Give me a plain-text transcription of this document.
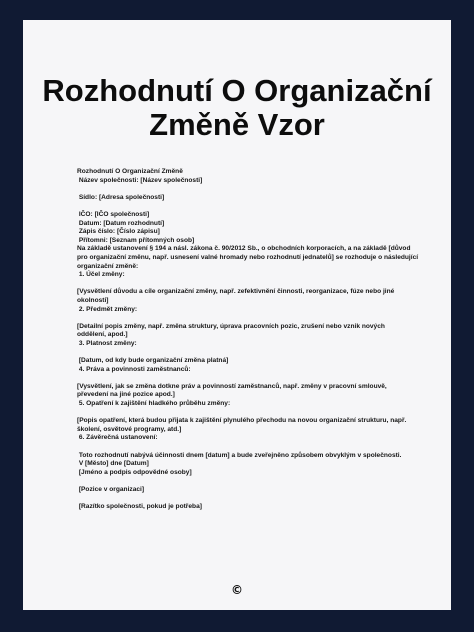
Rozhodnutí O Organizační
Změně Vzor
Rozhodnutí O Organizační Změně
Název společnosti: [Název společnosti]
Sídlo: [Adresa společnosti]
IČO: [IČO společnosti]
Datum: [Datum rozhodnutí]
Zápis číslo: [Číslo zápisu]
Přítomni: [Seznam přítomných osob]
Na základě ustanovení § 194 a násl. zákona č. 90/2012 Sb., o obchodních korporacích, a na základě [důvod
pro organizační změnu, např. usnesení valné hromady nebo rozhodnutí jednatelů] se rozhoduje o následující
organizační změně:
1. Účel změny:
[Vysvětlení důvodu a cíle organizační změny, např. zefektivnění činnosti, reorganizace, fúze nebo jiné
okolnosti]
2. Předmět změny:
[Detailní popis změny, např. změna struktury, úprava pracovních pozic, zrušení nebo vznik nových
oddělení, apod.]
3. Platnost změny:
[Datum, od kdy bude organizační změna platná]
4. Práva a povinnosti zaměstnanců:
[Vysvětlení, jak se změna dotkne práv a povinností zaměstnanců, např. změny v pracovní smlouvě,
převedení na jiné pozice apod.]
5. Opatření k zajištění hladkého průběhu změny:
[Popis opatření, která budou přijata k zajištění plynulého přechodu na novou organizační strukturu, např.
školení, osvětové programy, atd.]
6. Závěrečná ustanovení:
Toto rozhodnutí nabývá účinnosti dnem [datum] a bude zveřejněno způsobem obvyklým v společnosti.
V [Město] dne [Datum]
[Jméno a podpis odpovědné osoby]
[Pozice v organizaci]
[Razítko společnosti, pokud je potřeba]
©
